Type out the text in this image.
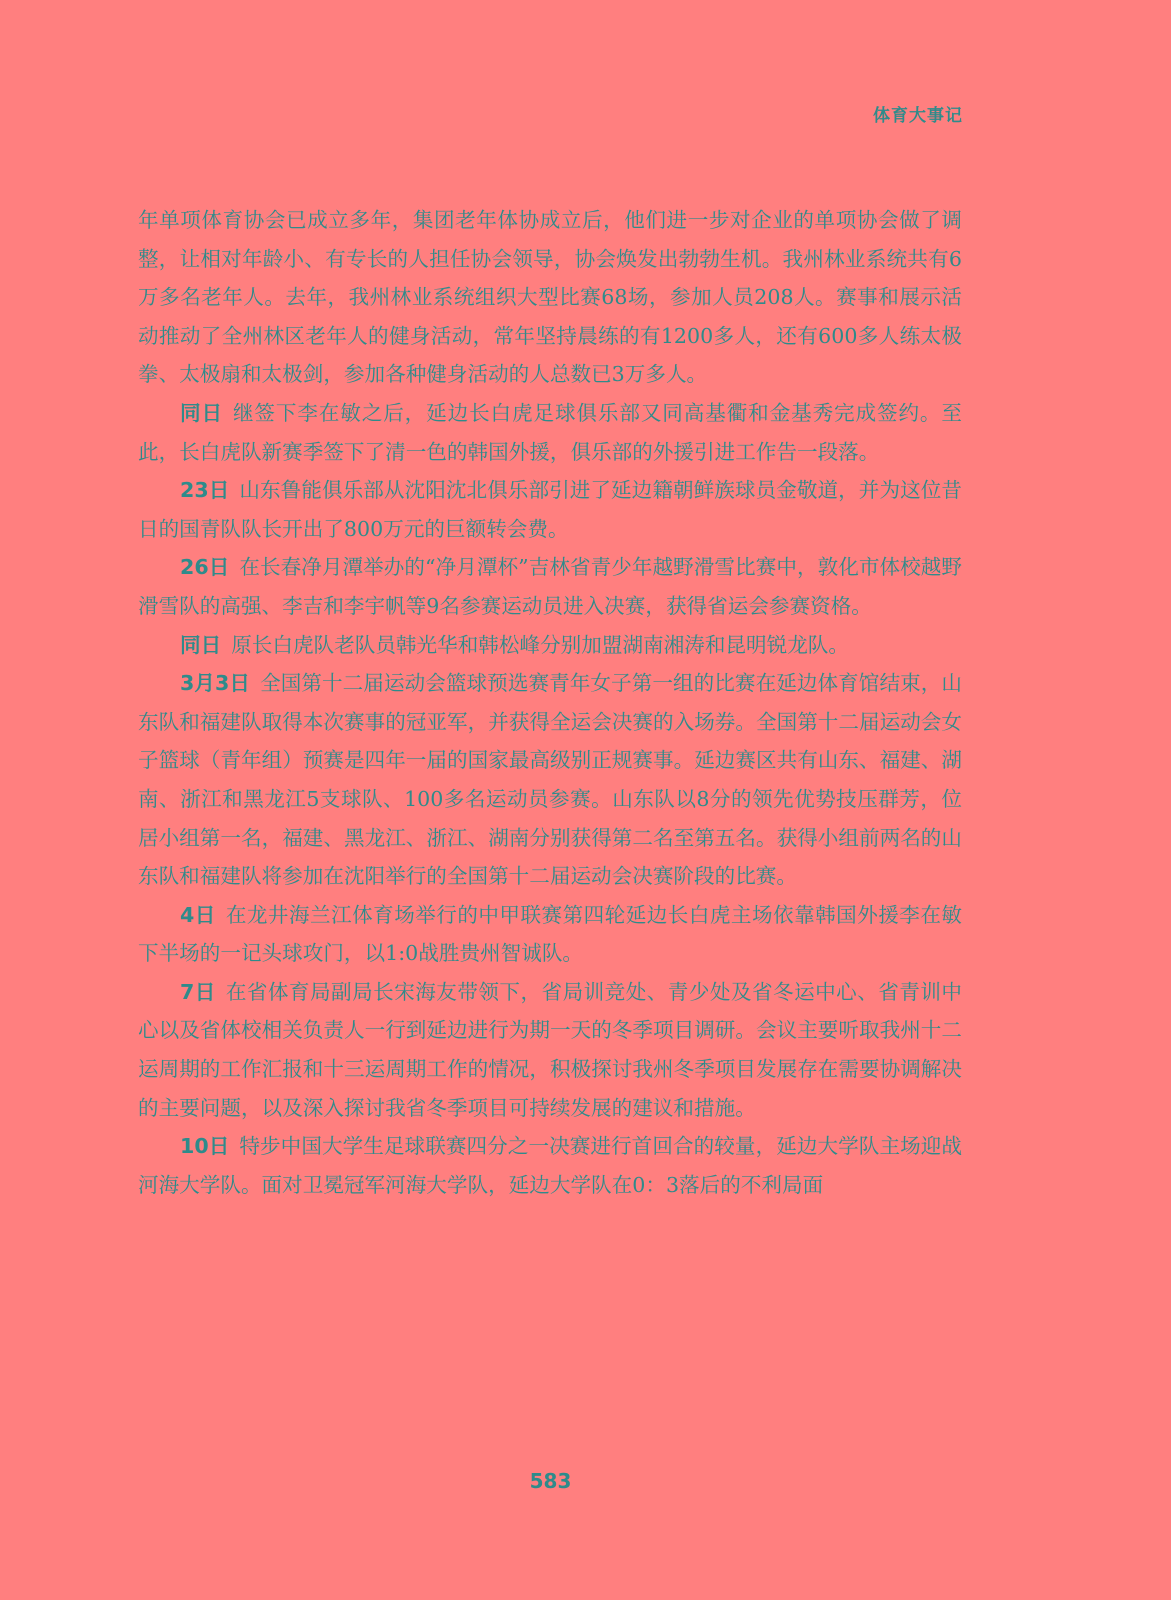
体育大事记

年单项体育协会已成立多年，集团老年体协成立后，他们进一步对企业的单项协会做了调整，让相对年龄小、有专长的人担任协会领导，协会焕发出勃勃生机。我州林业系统共有6万多名老年人。去年，我州林业系统组织大型比赛68场，参加人员208人。赛事和展示活动推动了全州林区老年人的健身活动，常年坚持晨练的有1200多人，还有600多人练太极拳、太极扇和太极剑，参加各种健身活动的人总数已3万多人。

同日 继签下李在敏之后，延边长白虎足球俱乐部又同高基衢和金基秀完成签约。至此，长白虎队新赛季签下了清一色的韩国外援，俱乐部的外援引进工作告一段落。

23日 山东鲁能俱乐部从沈阳沈北俱乐部引进了延边籍朝鲜族球员金敬道，并为这位昔日的国青队队长开出了800万元的巨额转会费。

26日 在长春净月潭举办的“净月潭杯”吉林省青少年越野滑雪比赛中，敦化市体校越野滑雪队的高强、李吉和李宇帆等9名参赛运动员进入决赛，获得省运会参赛资格。

同日 原长白虎队老队员韩光华和韩松峰分别加盟湖南湘涛和昆明锐龙队。

3月3日 全国第十二届运动会篮球预选赛青年女子第一组的比赛在延边体育馆结束，山东队和福建队取得本次赛事的冠亚军，并获得全运会决赛的入场券。全国第十二届运动会女子篮球（青年组）预赛是四年一届的国家最高级别正规赛事。延边赛区共有山东、福建、湖南、浙江和黑龙江5支球队、100多名运动员参赛。山东队以8分的领先优势技压群芳，位居小组第一名，福建、黑龙江、浙江、湖南分别获得第二名至第五名。获得小组前两名的山东队和福建队将参加在沈阳举行的全国第十二届运动会决赛阶段的比赛。

4日 在龙井海兰江体育场举行的中甲联赛第四轮延边长白虎主场依靠韩国外援李在敏下半场的一记头球攻门，以1:0战胜贵州智诚队。

7日 在省体育局副局长宋海友带领下，省局训竞处、青少处及省冬运中心、省青训中心以及省体校相关负责人一行到延边进行为期一天的冬季项目调研。会议主要听取我州十二运周期的工作汇报和十三运周期工作的情况，积极探讨我州冬季项目发展存在需要协调解决的主要问题，以及深入探讨我省冬季项目可持续发展的建议和措施。

10日 特步中国大学生足球联赛四分之一决赛进行首回合的较量，延边大学队主场迎战河海大学队。面对卫冕冠军河海大学队，延边大学队在0：3落后的不利局面

583
